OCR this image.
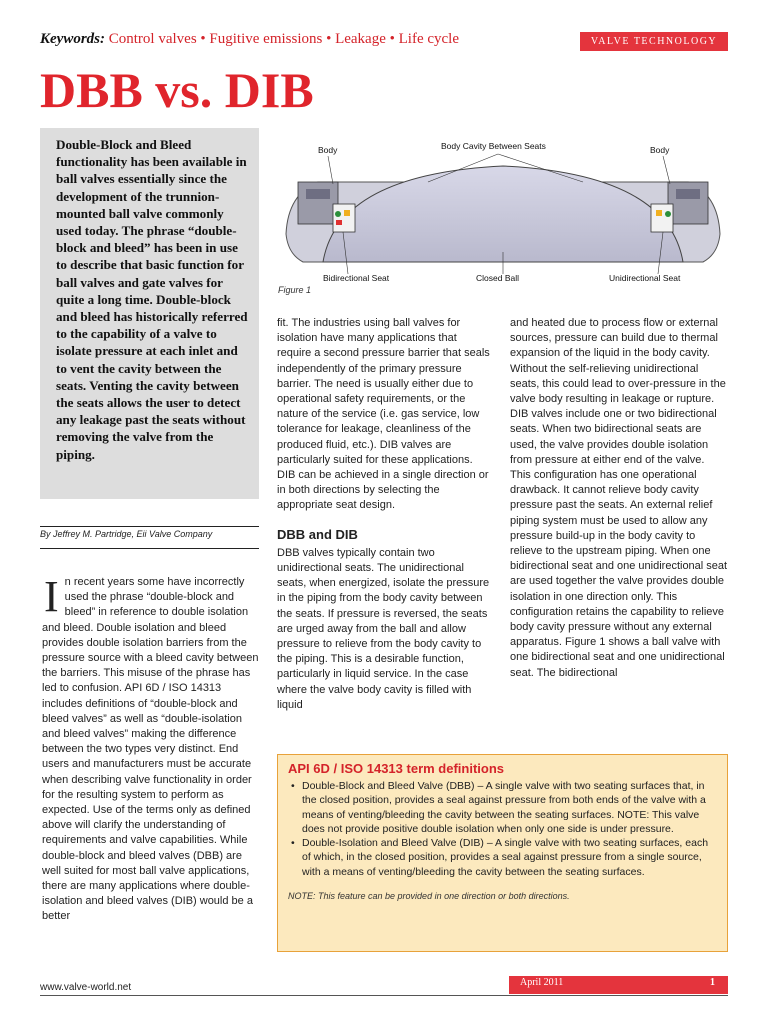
Keywords: Control valves • Fugitive emissions • Leakage • Life cycle	VALVE TECHNOLOGY
DBB vs. DIB
Double-Block and Bleed functionality has been available in ball valves essentially since the development of the trunnion-mounted ball valve commonly used today. The phrase “double-block and bleed” has been in use to describe that basic function for ball valves and gate valves for quite a long time. Double-block and bleed has historically referred to the capability of a valve to isolate pressure at each inlet and to vent the cavity between the seats. Venting the cavity between the seats allows the user to detect any leakage past the seats without removing the valve from the piping.
By Jeffrey M. Partridge, Eii Valve Company
I n recent years some have incorrectly used the phrase “double-block and bleed” in reference to double isolation and bleed. Double isolation and bleed provides double isolation barriers from the pressure source with a bleed cavity between the barriers. This misuse of the phrase has led to confusion. API 6D / ISO 14313 includes definitions of “double-block and bleed valves” as well as “double-isolation and bleed valves” making the difference between the two types very distinct. End users and manufacturers must be accurate when describing valve functionality in order for the resulting system to perform as expected. Use of the terms only as defined above will clarify the understanding of requirements and valve capabilities. While double-block and bleed valves (DBB) are well suited for most ball valve applications, there are many applications where double-isolation and bleed valves (DIB) would be a better
Body	Body Cavity Between Seats	Body
Bidirectional Seat	Closed Ball	Unidirectional Seat
Figure 1

fit. The industries using ball valves for isolation have many applications that require a second pressure barrier that seals independently of the primary pressure barrier. The need is usually either due to operational safety requirements, or the nature of the service (i.e. gas service, low tolerance for leakage, cleanliness of the produced fluid, etc.). DIB valves are particularly suited for these applications. DIB can be achieved in a single direction or in both directions by selecting the appropriate seat design.

DBB and DIB

DBB valves typically contain two unidirectional seats. The unidirectional seats, when energized, isolate the pressure in the piping from the body cavity between the seats. If pressure is reversed, the seats are urged away from the ball and allow pressure to relieve from the body cavity to the piping. This is a desirable function, particularly in liquid service. In the case where the valve body cavity is filled with liquid

and heated due to process flow or external sources, pressure can build due to thermal expansion of the liquid in the body cavity. Without the self-relieving unidirectional seats, this could lead to over-pressure in the valve body resulting in leakage or rupture.

DIB valves include one or two bidirectional seats. When two bidirectional seats are used, the valve provides double isolation from pressure at either end of the valve. This configuration has one operational drawback. It cannot relieve body cavity pressure past the seats. An external relief piping system must be used to allow any pressure build-up in the body cavity to relieve to the upstream piping. When one bidirectional seat and one unidirectional seat are used together the valve provides double isolation in one direction only. This configuration retains the capability to relieve body cavity pressure without any external apparatus. Figure 1 shows a ball valve with one bidirectional seat and one unidirectional seat. The bidirectional

API 6D / ISO 14313 term definitions
• Double-Block and Bleed Valve (DBB) – A single valve with two seating surfaces that, in the closed position, provides a seal against pressure from both ends of the valve with a means of venting/bleeding the cavity between the seating surfaces. NOTE: This valve does not provide positive double isolation when only one side is under pressure.
• Double-Isolation and Bleed Valve (DIB) – A single valve with two seating surfaces, each of which, in the closed position, provides a seal against pressure from a single source, with a means of venting/bleeding the cavity between the seating surfaces.
NOTE: This feature can be provided in one direction or both directions.
www.valve-world.net	April 2011	1
